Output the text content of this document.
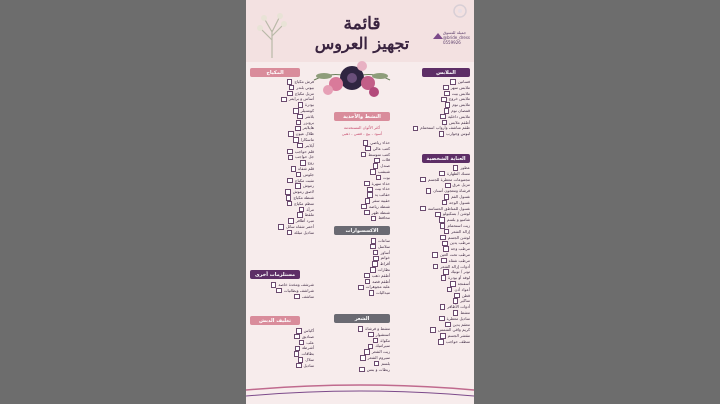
قائمة
تجهيز العروس
جميلة للتسوق
@bride_dress
0559926
الملابس
فساتين
ملابس سهر
ملابس بيت
ملابس خروج
ملابس نوم
قمصان نوم
ملابس داخلية
أطقم ملابس
طقم مناشف وأرواب استحمام
لبوس وجوارب
العناية الشخصية
عطور
مسك الطهارة
مجموعات معطرة للجسم
مزيل عرق
فرشاة ومعجون أسنان
غسول الفم
غسول الوجه
غسول للمناطق الحساسة
لوشن / بسكيولو
شامبو و بلسم
زيت استحمام
إزالة الشعر
لوشن الجسم
مرطب يدين
مرطب وجه
مرطب تحت العين
مرطب شفاه
أدوات إزالة الشعر
تونر / تونيك
لوفة أو بودرة
أسفنجة
أعواد أذن
قطن
مناكير
أدوات الأظافر
مشط
مناديل معطرة
معقم يدين
كريم واقي الشمس
مقشر الجسم
منظف حواجب
النشط والأحذية
أكثر الألوان المستخدمة
أسود - بيج - فضي - ذهبي
حذاء رياضي
كعب عالي
كعب متوسط
فلات
صندل
شبشب
بوت
حذاء سهرة
حذاء بيت
حقائب يد
حقيبة سفر
شنطة رياضة
شنطة ظهر
محافظ
الاكسسوارات
ساعات
سلاسل
أساور
خواتم
أقراط
نظارات
أطقم ذهب
أطقم فضة
علبة مجوهرات
ميداليات
الشعر
مشط و فرشاة
استشوار
مكواة
سيراميك
زيت الشعر
سيروم الشعر
بلسم
ربطات و بنس
المكياج
فرش مكياج
بيوتي بلندر
مزيل مكياج
أساس و برايمر
بودرة
كونسيلر
بلاشر
برونزر
هايلايتر
ظلال عيون
ماسكارا
آيلاينر
قلم حواجب
جل حواجب
روج
قلم شفاه
جلوس
مثبت مكياج
رموش
لاصق رموش
شنطة مكياج
منظم مكياج
مرآة
ملقط
مبرد أظافر
أحمر شفاه سائل
مناديل مبللة
مستلزمات أخرى
شرشف ومخدة خاصة
شراشف وبطانيات
مناشف
تغليف الدبش
أكياس
صناديق
علب
أشرطة
بطاقات
سلال
مناديل
